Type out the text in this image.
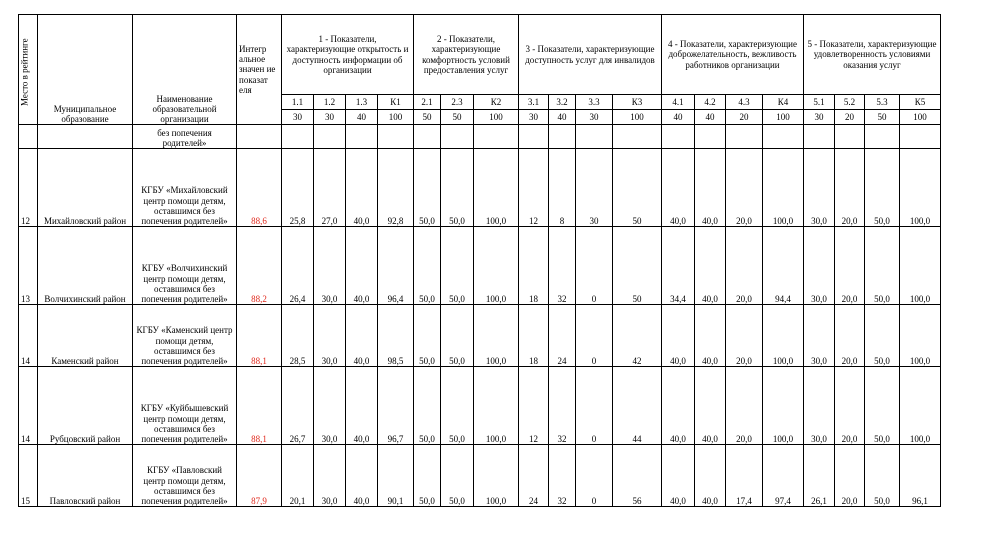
Место в рейтинге	Муниципальное образование	Наименование образовательной организации	Интегр альное значен ие показат еля	1 - Показатели, характеризующие открытость и доступность информации об организации				2 - Показатели, характеризующие комфортность условий предоставления услуг			3 - Показатели, характеризующие доступность услуг для инвалидов				4 - Показатели, характеризующие доброжелательность, вежливость работников организации				5 - Показатели, характеризующие удовлетворенность условиями оказания услуг			
				1.1	1.2	1.3	К1	2.1	2.3	К2	3.1	3.2	3.3	К3	4.1	4.2	4.3	К4	5.1	5.2	5.3	К5
				30	30	40	100	50	50	100	30	40	30	100	40	40	20	100	30	20	50	100
		без попечения родителей»																				
12	Михайловский район	КГБУ «Михайловский центр помощи детям, оставшимся без попечения родителей»	88,6	25,8	27,0	40,0	92,8	50,0	50,0	100,0	12	8	30	50	40,0	40,0	20,0	100,0	30,0	20,0	50,0	100,0
13	Волчихинский район	КГБУ «Волчихинский центр помощи детям, оставшимся без попечения родителей»	88,2	26,4	30,0	40,0	96,4	50,0	50,0	100,0	18	32	0	50	34,4	40,0	20,0	94,4	30,0	20,0	50,0	100,0
14	Каменский район	КГБУ «Каменский центр помощи детям, оставшимся без попечения родителей»	88,1	28,5	30,0	40,0	98,5	50,0	50,0	100,0	18	24	0	42	40,0	40,0	20,0	100,0	30,0	20,0	50,0	100,0
14	Рубцовский район	КГБУ «Куйбышевский центр помощи детям, оставшимся без попечения родителей»	88,1	26,7	30,0	40,0	96,7	50,0	50,0	100,0	12	32	0	44	40,0	40,0	20,0	100,0	30,0	20,0	50,0	100,0
15	Павловский район	КГБУ «Павловский центр помощи детям, оставшимся без попечения родителей»	87,9	20,1	30,0	40,0	90,1	50,0	50,0	100,0	24	32	0	56	40,0	40,0	17,4	97,4	26,1	20,0	50,0	96,1
